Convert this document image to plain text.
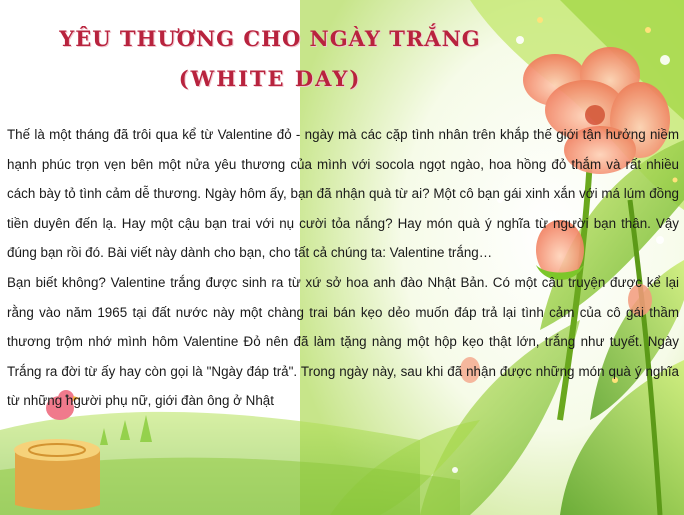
YÊU THƯƠNG CHO NGÀY TRẮNG
(WHITE DAY)

Thế là một tháng đã trôi qua kể từ Valentine đỏ - ngày mà các cặp tình nhân trên khắp thế giới tận hưởng niềm hạnh phúc trọn vẹn bên một nửa yêu thương của mình với socola ngọt ngào, hoa hồng đỏ thắm và rất nhiều cách bày tỏ tình cảm dễ thương. Ngày hôm ấy, bạn đã nhận quà từ ai? Một cô bạn gái xinh xắn với má lúm đồng tiền duyên đến lạ. Hay một cậu bạn trai với nụ cười tỏa nắng? Hay món quà ý nghĩa từ người bạn thân. Vậy đúng bạn rồi đó. Bài viết này dành cho bạn, cho tất cả chúng ta: Valentine trắng…

Bạn biết không? Valentine trắng được sinh ra từ xứ sở hoa anh đào Nhật Bản. Có một câu truyện được kể lại rằng vào năm 1965 tại đất nước này một chàng trai bán kẹo dẻo muốn đáp trả lại tình cảm của cô gái thầm thương trộm nhớ mình hôm Valentine Đỏ nên đã làm tặng nàng một hộp kẹo thật lớn, trắng như tuyết. Ngày Trắng ra đời từ ấy hay còn gọi là "Ngày đáp trả". Trong ngày này, sau khi đã nhận được những món quà ý nghĩa từ những người phụ nữ, giới đàn ông ở Nhật
